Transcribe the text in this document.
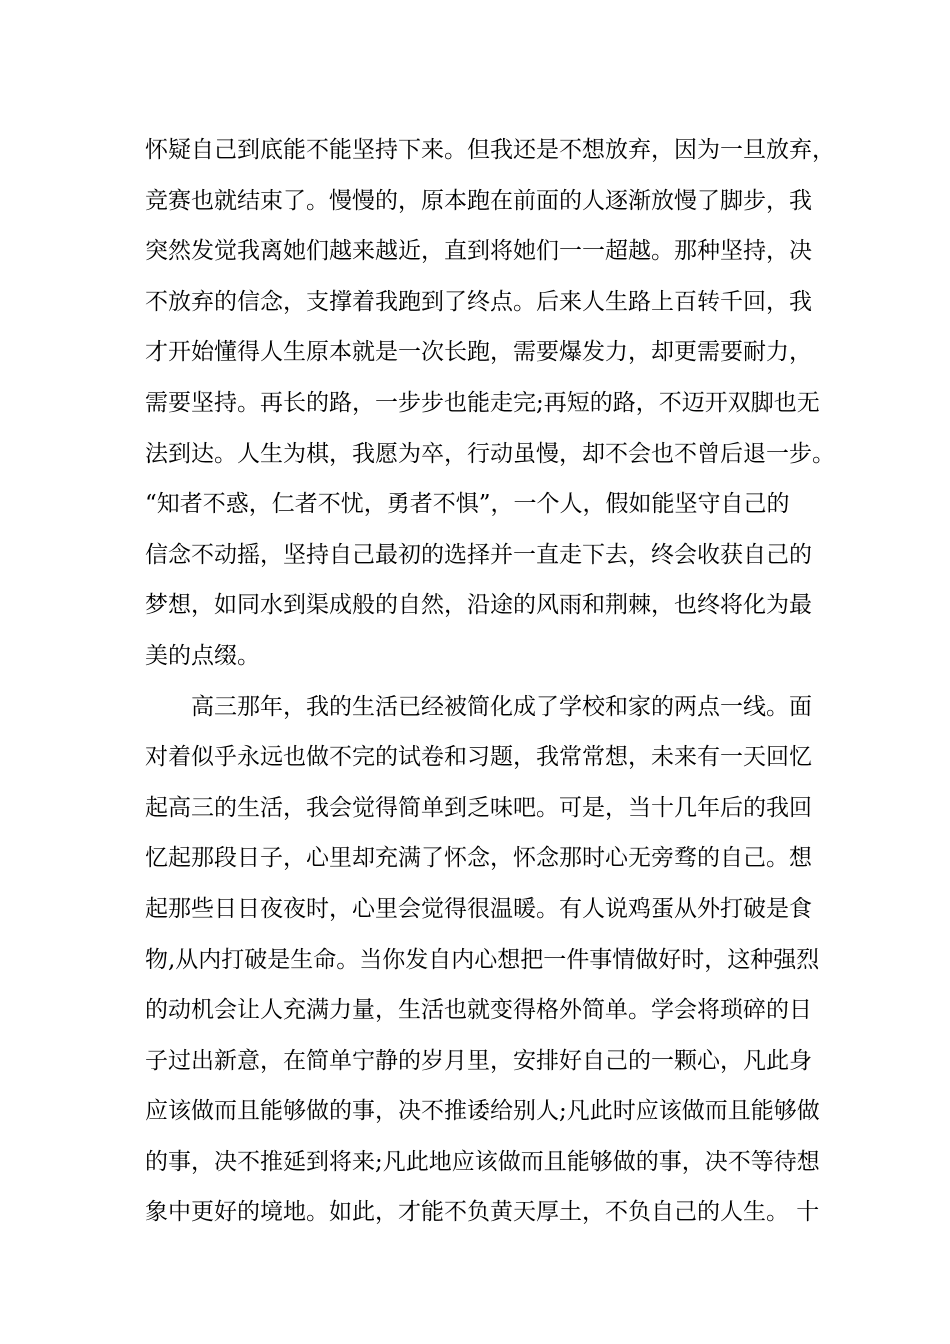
怀疑自己到底能不能坚持下来。但我还是不想放弃，因为一旦放弃，
竞赛也就结束了。慢慢的，原本跑在前面的人逐渐放慢了脚步，我
突然发觉我离她们越来越近，直到将她们一一超越。那种坚持，决
不放弃的信念，支撑着我跑到了终点。后来人生路上百转千回，我
才开始懂得人生原本就是一次长跑，需要爆发力，却更需要耐力，
需要坚持。再长的路，一步步也能走完;再短的路，不迈开双脚也无
法到达。人生为棋，我愿为卒，行动虽慢，却不会也不曾后退一步。
“知者不惑，仁者不忧，勇者不惧”，一个人，假如能坚守自己的
信念不动摇，坚持自己最初的选择并一直走下去，终会收获自己的
梦想，如同水到渠成般的自然，沿途的风雨和荆棘，也终将化为最
美的点缀。
高三那年，我的生活已经被简化成了学校和家的两点一线。面
对着似乎永远也做不完的试卷和习题，我常常想，未来有一天回忆
起高三的生活，我会觉得简单到乏味吧。可是，当十几年后的我回
忆起那段日子，心里却充满了怀念，怀念那时心无旁骛的自己。想
起那些日日夜夜时，心里会觉得很温暖。有人说鸡蛋从外打破是食
物,从内打破是生命。当你发自内心想把一件事情做好时，这种强烈
的动机会让人充满力量，生活也就变得格外简单。学会将琐碎的日
子过出新意，在简单宁静的岁月里，安排好自己的一颗心，凡此身
应该做而且能够做的事，决不推诿给别人;凡此时应该做而且能够做
的事，决不推延到将来;凡此地应该做而且能够做的事，决不等待想
象中更好的境地。如此，才能不负黄天厚土，不负自己的人生。 十
